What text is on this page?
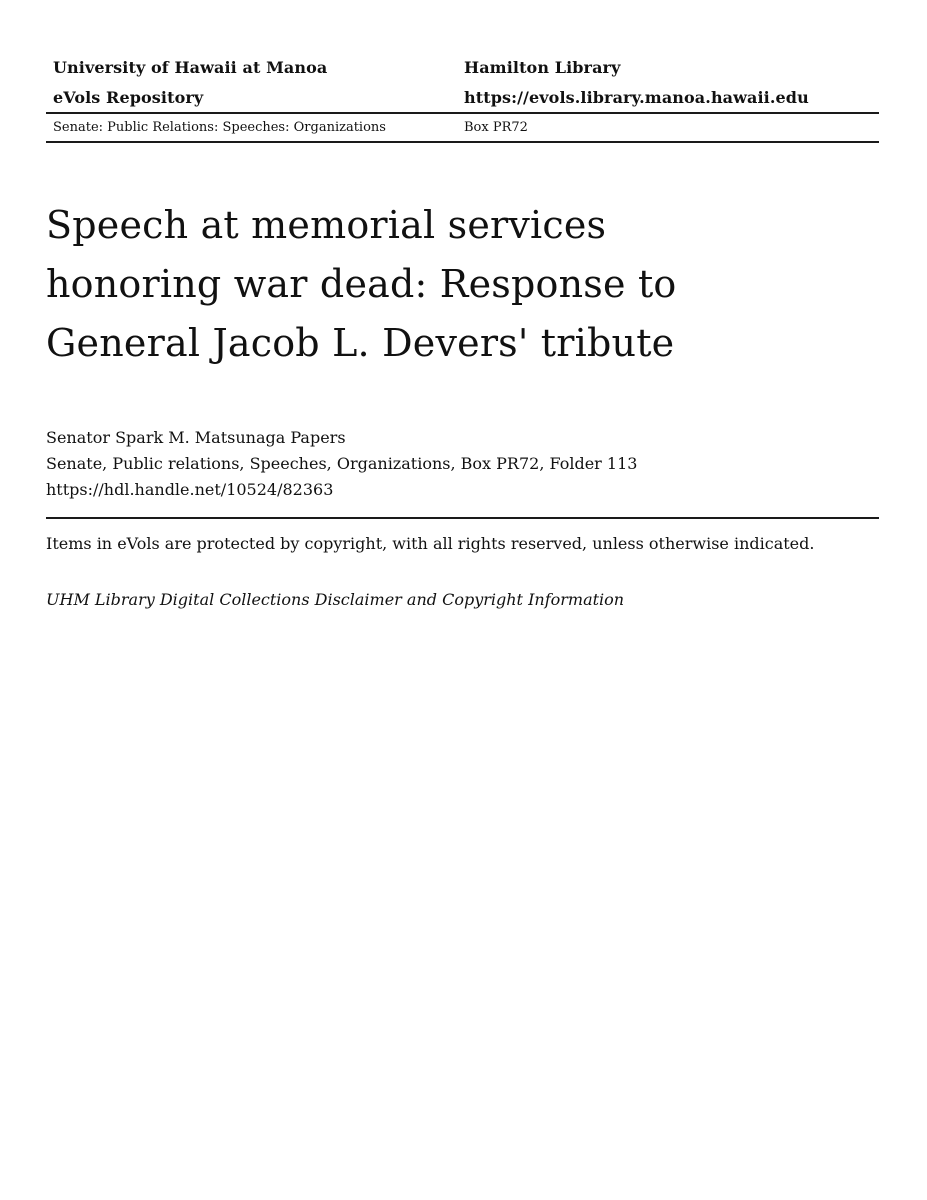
University of Hawaii at Manoa	Hamilton Library
eVols Repository	https://evols.library.manoa.hawaii.edu
Senate: Public Relations: Speeches: Organizations	Box PR72
Speech at memorial services honoring war dead: Response to General Jacob L. Devers' tribute
Senator Spark M. Matsunaga Papers
Senate, Public relations, Speeches, Organizations, Box PR72, Folder 113
https://hdl.handle.net/10524/82363
Items in eVols are protected by copyright, with all rights reserved, unless otherwise indicated.
UHM Library Digital Collections Disclaimer and Copyright Information
